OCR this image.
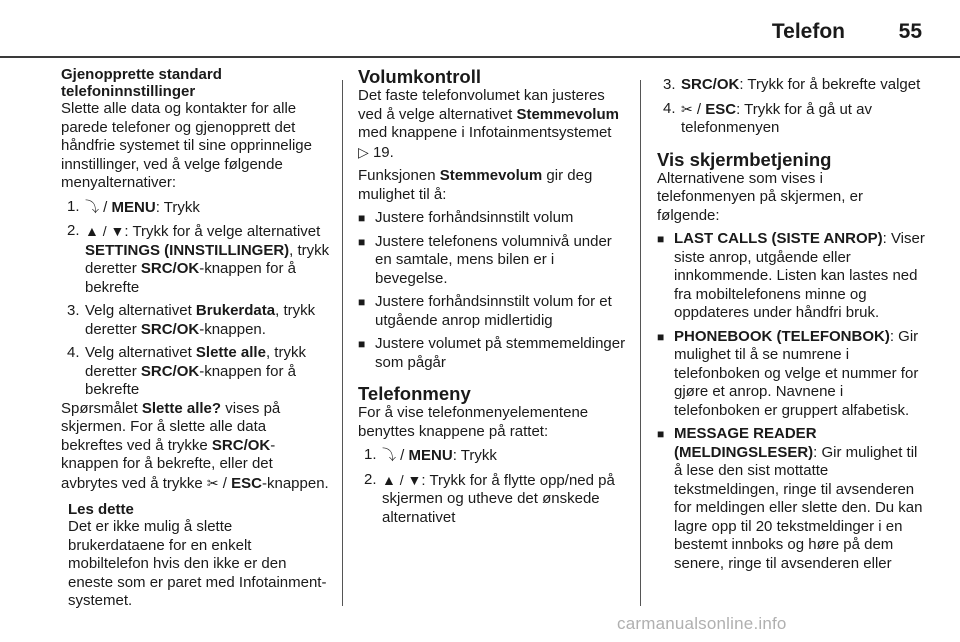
Telefon	55
Gjenopprette standard
telefoninnstillinger

Slette alle data og kontakter for alle parede telefoner og gjenopprett det håndfrie systemet til sine opprinnelige innstillinger, ved å velge følgende menyalternativer:

1. ⤵ / MENU: Trykk
2. ▲ / ▼: Trykk for å velge alternativet SETTINGS (INNSTILLINGER), trykk deretter SRC/OK-knappen for å bekrefte
3. Velg alternativet Brukerdata, trykk deretter SRC/OK-knappen.
4. Velg alternativet Slette alle, trykk deretter SRC/OK-knappen for å bekrefte

Spørsmålet Slette alle? vises på skjermen. For å slette alle data bekreftes ved å trykke SRC/OK-knappen for å bekrefte, eller det avbrytes ved å trykke ✂ / ESC-knappen.

Les dette

Det er ikke mulig å slette brukerdataene for en enkelt mobiltelefon hvis den ikke er den eneste som er paret med Infotainment-systemet.

Volumkontroll

Det faste telefonvolumet kan justeres ved å velge alternativet Stemmevolum med knappene i Infotainmentsystemet ▷ 19.

Funksjonen Stemmevolum gir deg mulighet til å:

■ Justere forhåndsinnstilt volum
■ Justere telefonens volumnivå under en samtale, mens bilen er i bevegelse.
■ Justere forhåndsinnstilt volum for et utgående anrop midlertidig
■ Justere volumet på stemmemeldinger som pågår
Telefonmeny

For å vise telefonmenyelementene benyttes knappene på rattet:

1. ⤵ / MENU: Trykk
2. ▲ / ▼: Trykk for å flytte opp/ned på skjermen og utheve det ønskede alternativet
3. SRC/OK: Trykk for å bekrefte valget
4. ✂ / ESC: Trykk for å gå ut av telefonmenyen
Vis skjermbetjening

Alternativene som vises i telefonmenyen på skjermen, er følgende:

■ LAST CALLS (SISTE ANROP): Viser siste anrop, utgående eller innkommende. Listen kan lastes ned fra mobiltelefonens minne og oppdateres under håndfri bruk.
■ PHONEBOOK (TELEFONBOK): Gir mulighet til å se numrene i telefonboken og velge et nummer for gjøre et anrop. Navnene i telefonboken er gruppert alfabetisk.
■ MESSAGE READER (MELDINGSLESER): Gir mulighet til å lese den sist mottatte tekstmeldingen, ringe til avsenderen for meldingen eller slette den. Du kan lagre opp til 20 tekstmeldinger i en bestemt innboks og høre på dem senere, ringe til avsenderen eller
carmanualsonline.info
